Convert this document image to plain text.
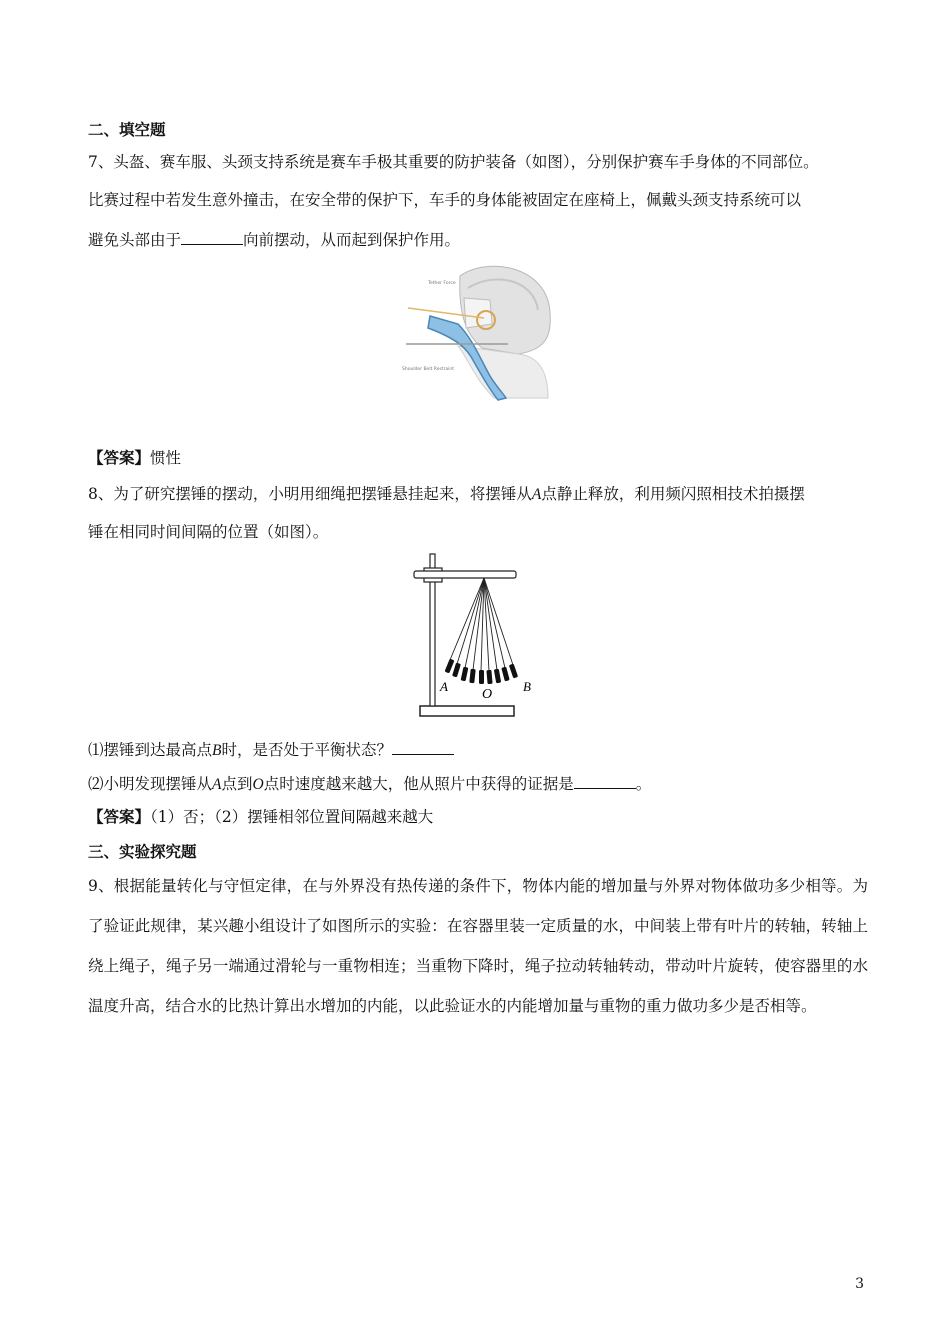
二、填空题
7、头盔、赛车服、头颈支持系统是赛车手极其重要的防护装备（如图），分别保护赛车手身体的不同部位。
比赛过程中若发生意外撞击，在安全带的保护下，车手的身体能被固定在座椅上，佩戴头颈支持系统可以
避免头部由于	向前摆动，从而起到保护作用。
Tether Force
Shoulder Belt Restraint
【答案】惯性
8、为了研究摆锤的摆动，小明用细绳把摆锤悬挂起来，将摆锤从A点静止释放，利用频闪照相技术拍摄摆
锤在相同时间间隔的位置（如图）。
A
O
B
⑴摆锤到达最高点B时，是否处于平衡状态？
⑵小明发现摆锤从A点到O点时速度越来越大，他从照片中获得的证据是	。
【答案】（1）否；（2）摆锤相邻位置间隔越来越大
三、实验探究题
9、根据能量转化与守恒定律，在与外界没有热传递的条件下，物体内能的增加量与外界对物体做功多少相等。为了验证此规律，某兴趣小组设计了如图所示的实验：在容器里装一定质量的水，中间装上带有叶片的转轴，转轴上绕上绳子，绳子另一端通过滑轮与一重物相连；当重物下降时，绳子拉动转轴转动，带动叶片旋转，使容器里的水温度升高，结合水的比热计算出水增加的内能，以此验证水的内能增加量与重物的重力做功多少是否相等。
3
